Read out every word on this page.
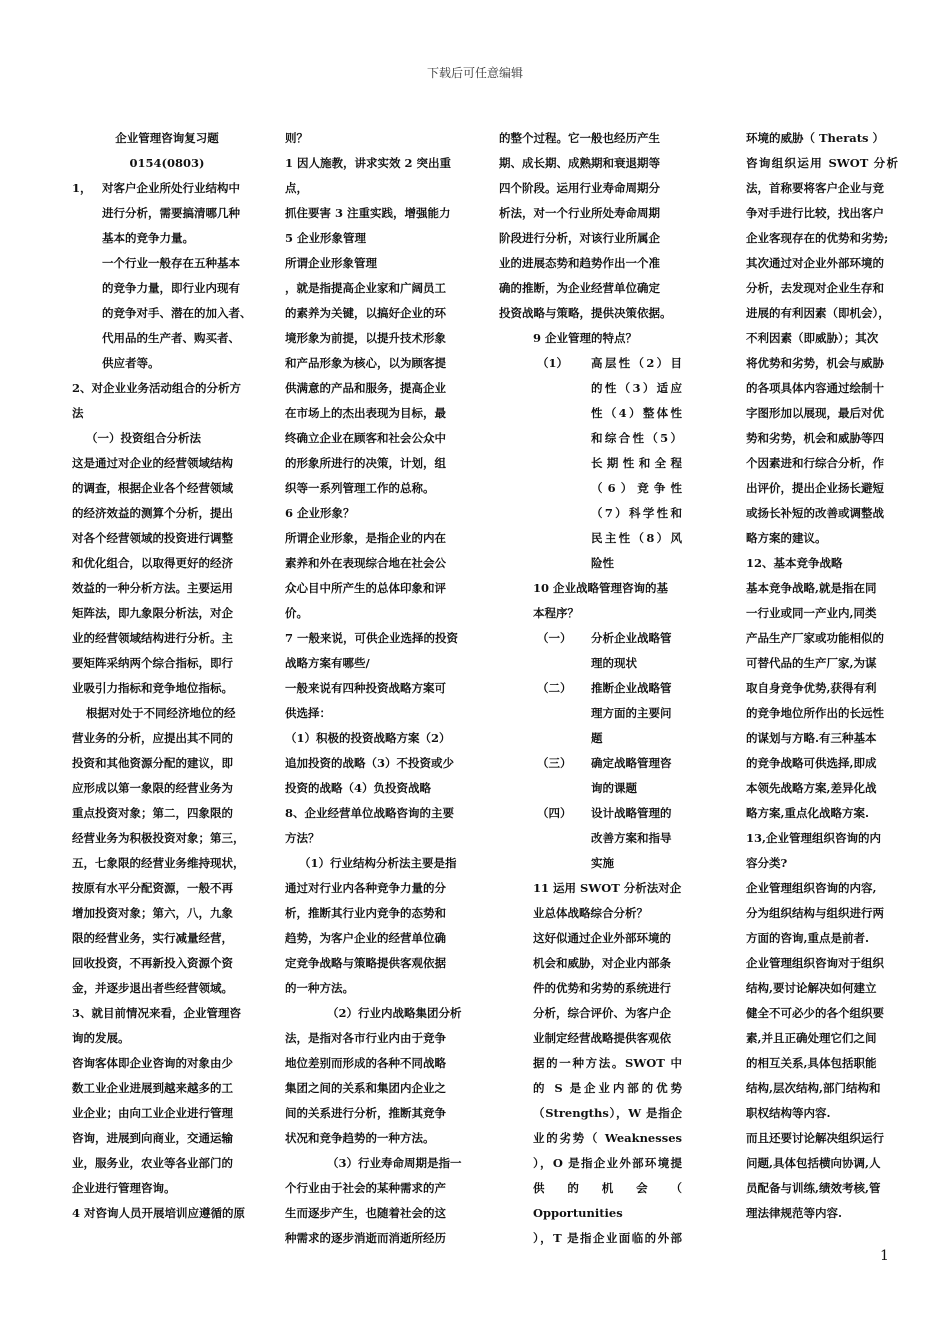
下载后可任意编辑

企业管理咨询复习题

0154(0803)

1， 对客户企业所处行业结构中

进行分析，需要搞清哪几种

基本的竞争力量。

一个行业一般存在五种基本

的竞争力量，即行业内现有

的竞争对手、潜在的加入者、

代用品的生产者、购买者、

供应者等。

2、对企业业务活动组合的分析方

法

（一）投资组合分析法

这是通过对企业的经营领域结构

的调查，根据企业各个经营领域

的经济效益的测算个分析，提出

对各个经营领域的投资进行调整

和优化组合，以取得更好的经济

效益的一种分析方法。主要运用

矩阵法，即九象限分析法，对企

业的经营领域结构进行分析。主

要矩阵采纳两个综合指标，即行

业吸引力指标和竞争地位指标。

根据对处于不同经济地位的经

营业务的分析，应提出其不同的

投资和其他资源分配的建议，即

应形成以第一象限的经营业务为

重点投资对象；第二，四象限的

经营业务为积极投资对象；第三，

五，七象限的经营业务维持现状，

按原有水平分配资源，一般不再

增加投资对象；第六，八，九象

限的经营业务，实行减量经营，

回收投资，不再新投入资源个资

金，并逐步退出者些经营领域。

3、就目前情况来看，企业管理咨

询的发展。

咨询客体即企业咨询的对象由少

数工业企业进展到越来越多的工

业企业；由向工业企业进行管理

咨询，进展到向商业，交通运输

业，服务业，农业等各业部门的

企业进行管理咨询。

4 对咨询人员开展培训应遵循的原

则？

1 因人施教，讲求实效 2 突出重点，

抓住要害 3 注重实践，增强能力

5 企业形象管理

所谓企业形象管理

，就是指提高企业家和广阔员工

的素养为关键，以搞好企业的环

境形象为前提，以提升技术形象

和产品形象为核心，以为顾客提

供满意的产品和服务，提高企业

在市场上的杰出表现为目标，最

终确立企业在顾客和社会公众中

的形象所进行的决策，计划，组

织等一系列管理工作的总称。

6 企业形象？

所谓企业形象，是指企业的内在

素养和外在表现综合地在社会公

众心目中所产生的总体印象和评

价。

7 一般来说，可供企业选择的投资

战略方案有哪些/

一般来说有四种投资战略方案可

供选择：

（1）积极的投资战略方案（2）

追加投资的战略（3）不投资或少

投资的战略（4）负投资战略

8、企业经营单位战略咨询的主要

方法？

（1）行业结构分析法主要是指

通过对行业内各种竞争力量的分

析，推断其行业内竞争的态势和

趋势，为客户企业的经营单位确

定竞争战略与策略提供客观依据

的一种方法。

（2）行业内战略集团分析

法，是指对各市行业内由于竞争

地位差别而形成的各种不同战略

集团之间的关系和集团内企业之

间的关系进行分析，推断其竞争

状况和竞争趋势的一种方法。

（3）行业寿命周期是指一

个行业由于社会的某种需求的产

生而逐步产生，也随着社会的这

种需求的逐步消逝而消逝所经历

的整个过程。它一般也经历产生

期、成长期、成熟期和衰退期等

四个阶段。运用行业寿命周期分

析法，对一个行业所处寿命周期

阶段进行分析，对该行业所属企

业的进展态势和趋势作出一个准

确的推断，为企业经营单位确定

投资战略与策略，提供决策依据。

9 企业管理的特点？

（1）	高层性（2）目

的性（3）适应

性（4）整体性

和综合性（5）

长期性和全程

（6）竞争性

（7）科学性和

民主性（8）风

险性

10 企业战略管理咨询的基

本程序？

（一）	分析企业战略管

理的现状

（二）	推断企业战略管

理方面的主要问

题

（三）	确定战略管理咨

询的课题

（四）	设计战略管理的

改善方案和指导

实施

11 运用 SWOT 分析法对企

业总体战略综合分析？

这好似通过企业外部环境的

机会和威胁，对企业内部条

件的优势和劣势的系统进行

分析，综合评价、为客户企

业制定经营战略提供客观依

据的一种方法。SWOT 中

的 S 是企业内部的优势

（Strengths），W 是指企

业的劣势（ Weaknesses

），O 是指企业外部环境提

供的机会（ Opportunities

），T 是指企业面临的外部

环境的威胁（ Therats ）

咨询组织运用 SWOT 分析

法，首称要将客户企业与竞

争对手进行比较，找出客户

企业客现存在的优势和劣势;

其次通过对企业外部环境的

分析，去发现对企业生存和

进展的有利因素（即机会），

不利因素（即威胁）；其次

将优势和劣势，机会与威胁

的各项具体内容通过绘制十

字图形加以展现，最后对优

势和劣势，机会和威胁等四

个因素进和行综合分析，作

出评价，提出企业扬长避短

或扬长补短的改善或调整战

略方案的建议。

12、基本竞争战略

基本竞争战略,就是指在同

一行业或同一产业内,同类

产品生产厂家或功能相似的

可替代品的生产厂家,为谋

取自身竞争优势,获得有利

的竞争地位所作出的长远性

的谋划与方略.有三种基本

的竞争战略可供选择,即成

本领先战略方案,差异化战

略方案,重点化战略方案.

13,企业管理组织咨询的内

容分类?

企业管理组织咨询的内容,

分为组织结构与组织进行两

方面的咨询,重点是前者.

企业管理组织咨询对于组织

结构,要讨论解决如何建立

健全不可必少的各个组织要

素,并且正确处理它们之间

的相互关系,具体包括职能

结构,层次结构,部门结构和

职权结构等内容.

而且还要讨论解决组织运行

问题,具体包括横向协调,人

员配备与训练,绩效考核,管

理法律规范等内容.

1
